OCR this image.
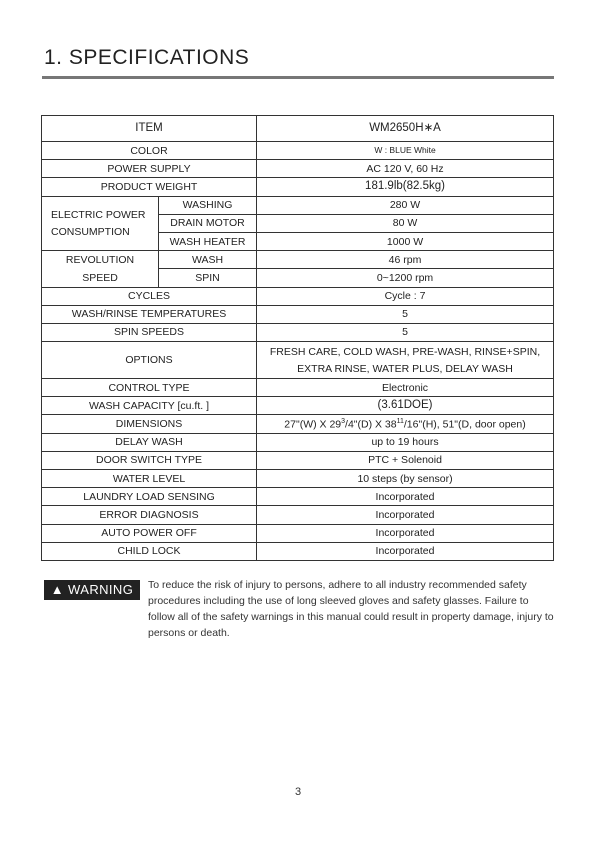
1. SPECIFICATIONS
ITEM		WM2650H∗A
COLOR		W : BLUE White
POWER SUPPLY		AC 120 V, 60 Hz
PRODUCT WEIGHT		181.9lb(82.5kg)

ELECTRIC POWER
CONSUMPTION	WASHING	280 W
	DRAIN MOTOR	80 W
	WASH HEATER	1000 W

REVOLUTION
SPEED	WASH	46 rpm
	SPIN	0~1200 rpm
CYCLES		Cycle : 7
WASH/RINSE TEMPERATURES		5
SPIN SPEEDS		5
OPTIONS		FRESH CARE, COLD WASH, PRE-WASH, RINSE+SPIN,
EXTRA RINSE, WATER PLUS, DELAY WASH

CONTROL TYPE		Electronic
WASH CAPACITY [cu.ft. ]		(3.61DOE)
DIMENSIONS		27"(W) X $29^3/4"(D)$ X $38^{11}/16"(H)$, 51"(D, door open)
DELAY WASH		up to 19 hours
DOOR SWITCH TYPE		PTC + Solenoid
WATER LEVEL		10 steps (by sensor)
LAUNDRY LOAD SENSING		Incorporated
ERROR DIAGNOSIS		Incorporated
AUTO POWER OFF		Incorporated
CHILD LOCK		Incorporated
▲ WARNING	To reduce the risk of injury to persons, adhere to all industry recommended safety procedures including the use of long sleeved gloves and safety glasses. Failure to follow all of the safety warnings in this manual could result in property damage, injury to persons or death.
3
